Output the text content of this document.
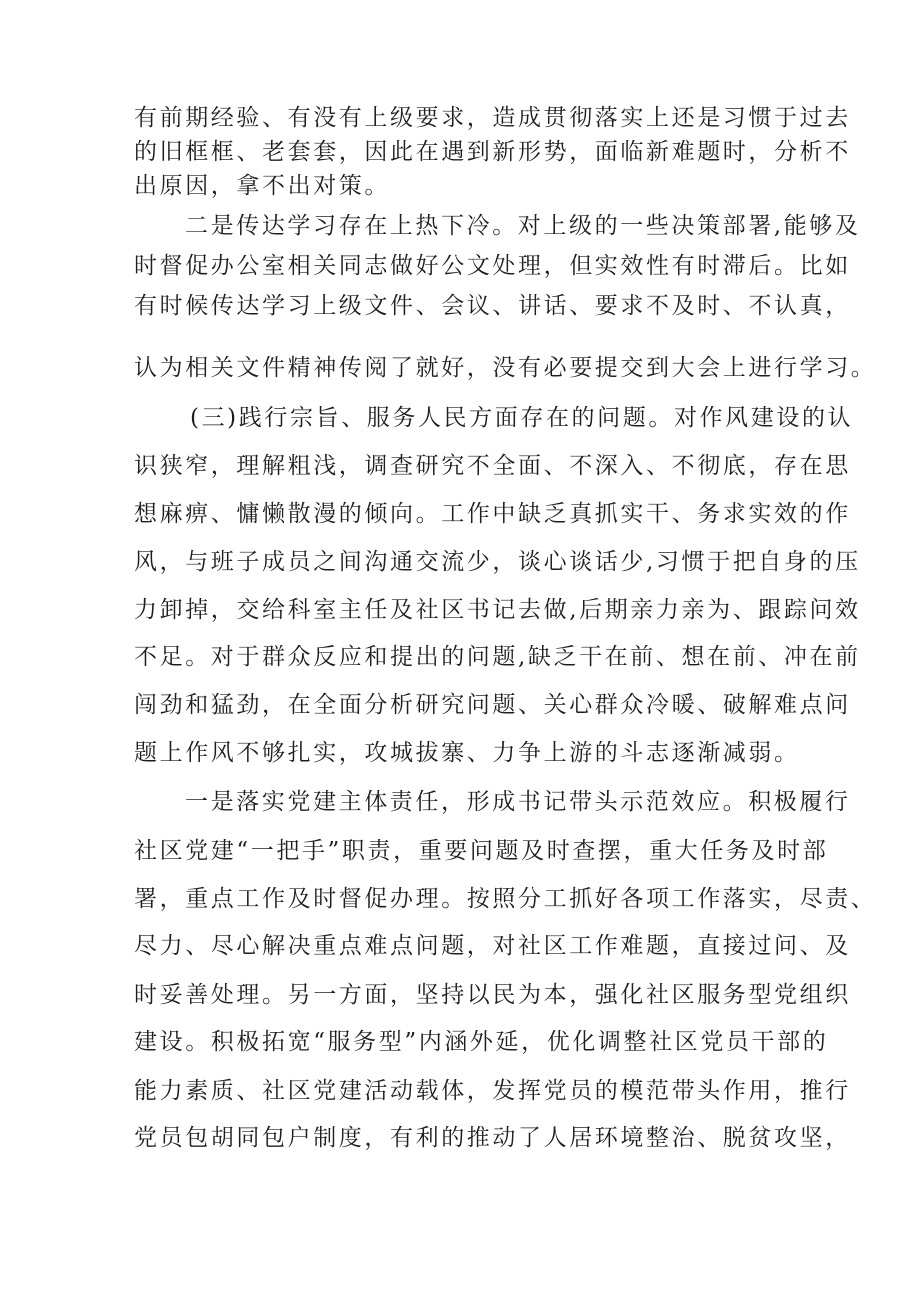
有前期经验、有没有上级要求，造成贯彻落实上还是习惯于过去
的旧框框、老套套，因此在遇到新形势，面临新难题时，分析不
出原因，拿不出对策。
二是传达学习存在上热下冷。对上级的一些决策部署,能够及
时督促办公室相关同志做好公文处理，但实效性有时滞后。比如
有时候传达学习上级文件、会议、讲话、要求不及时、不认真，
认为相关文件精神传阅了就好，没有必要提交到大会上进行学习。
(三)践行宗旨、服务人民方面存在的问题。对作风建设的认
识狭窄，理解粗浅，调查研究不全面、不深入、不彻底，存在思
想麻痹、慵懒散漫的倾向。工作中缺乏真抓实干、务求实效的作
风，与班子成员之间沟通交流少，谈心谈话少,习惯于把自身的压
力卸掉，交给科室主任及社区书记去做,后期亲力亲为、跟踪问效
不足。对于群众反应和提出的问题,缺乏干在前、想在前、冲在前
闯劲和猛劲，在全面分析研究问题、关心群众冷暖、破解难点问
题上作风不够扎实，攻城拔寨、力争上游的斗志逐渐减弱。
一是落实党建主体责任，形成书记带头示范效应。积极履行
社区党建“一把手”职责，重要问题及时查摆，重大任务及时部
署，重点工作及时督促办理。按照分工抓好各项工作落实，尽责、
尽力、尽心解决重点难点问题，对社区工作难题，直接过问、及
时妥善处理。另一方面，坚持以民为本，强化社区服务型党组织
建设。积极拓宽“服务型”内涵外延，优化调整社区党员干部的
能力素质、社区党建活动载体，发挥党员的模范带头作用，推行
党员包胡同包户制度，有利的推动了人居环境整治、脱贫攻坚，
